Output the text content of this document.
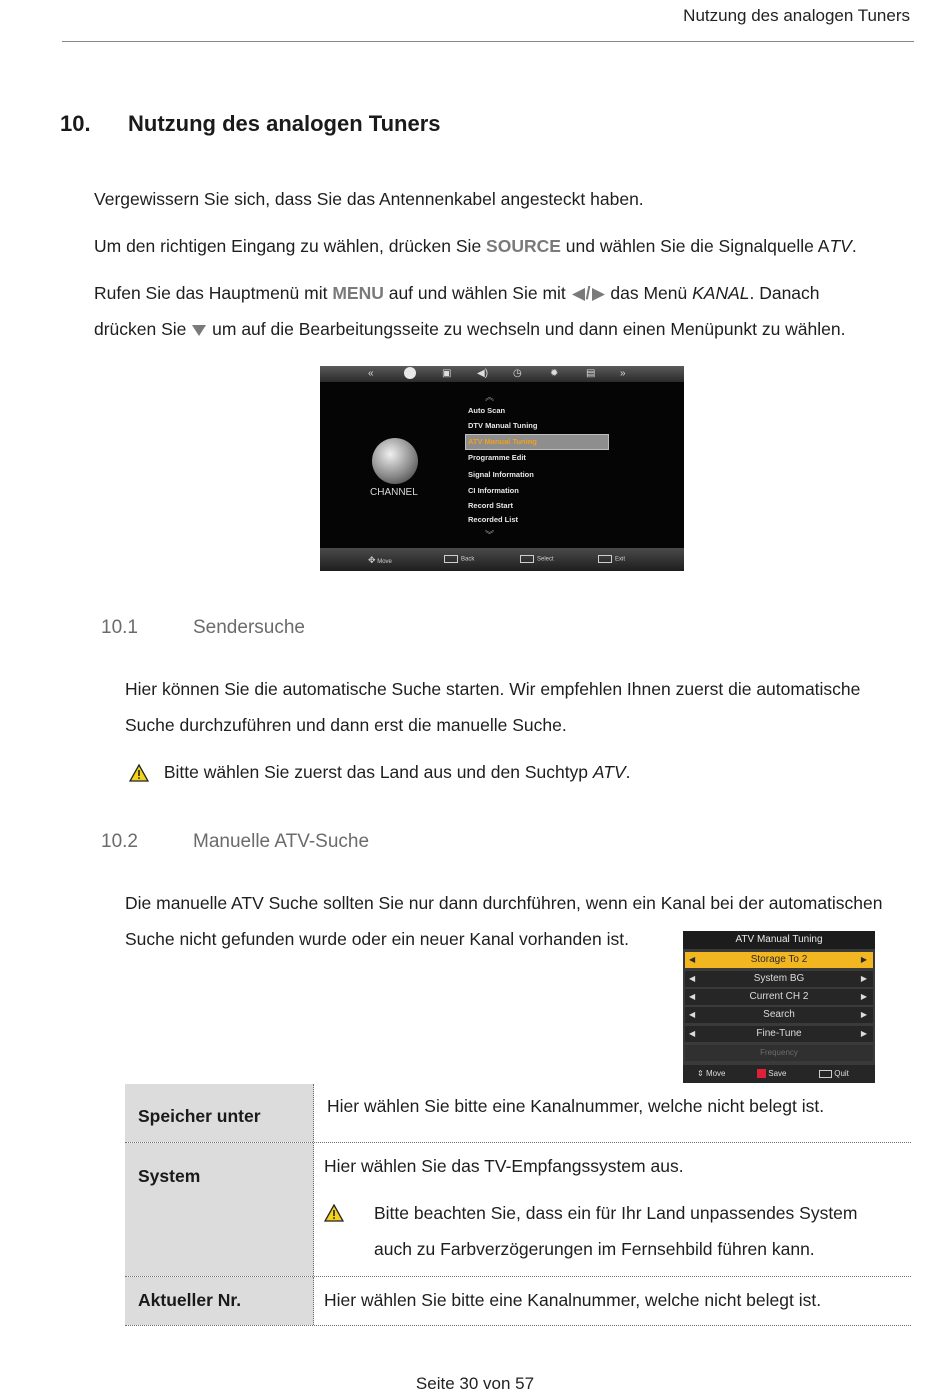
Nutzung des analogen Tuners
10. Nutzung des analogen Tuners
Vergewissern Sie sich, dass Sie das Antennenkabel angesteckt haben.
Um den richtigen Eingang zu wählen, drücken Sie SOURCE und wählen Sie die Signalquelle ATV.
Rufen Sie das Hauptmenü mit MENU auf und wählen Sie mit / das Menü KANAL. Danach
drücken Sie  um auf die Bearbeitungsseite zu wechseln und dann einen Menüpunkt zu wählen.
«	▣	◀) ◷	✹	▤ »
CHANNEL
︽
Auto Scan
DTV Manual Tuning
ATV Manual Tuning
Programme Edit
Signal Information
CI Information
Record Start
Recorded List
︾
✥ Move	Back	Select	Exit
10.1	Sendersuche
Hier können Sie die automatische Suche starten. Wir empfehlen Ihnen zuerst die automatische
Suche durchzuführen und dann erst die manuelle Suche.
Bitte wählen Sie zuerst das Land aus und den Suchtyp ATV.
10.2	Manuelle ATV-Suche
Die manuelle ATV Suche sollten Sie nur dann durchführen, wenn ein Kanal bei der automatischen
Suche nicht gefunden wurde oder ein neuer Kanal vorhanden ist.	ATV Manual Tuning
◀	Storage To 2	▶
◀	System BG	▶
◀	Current CH 2	▶
◀	Search	▶
◀	Fine-Tune	▶
Frequency
⇕ Move	Save	Quit
Speicher unter	Hier wählen Sie bitte eine Kanalnummer, welche nicht belegt ist.
System	Hier wählen Sie das TV-Empfangssystem aus.
Bitte beachten Sie, dass ein für Ihr Land unpassendes System
auch zu Farbverzögerungen im Fernsehbild führen kann.
Aktueller Nr.	Hier wählen Sie bitte eine Kanalnummer, welche nicht belegt ist.
Seite 30 von 57
